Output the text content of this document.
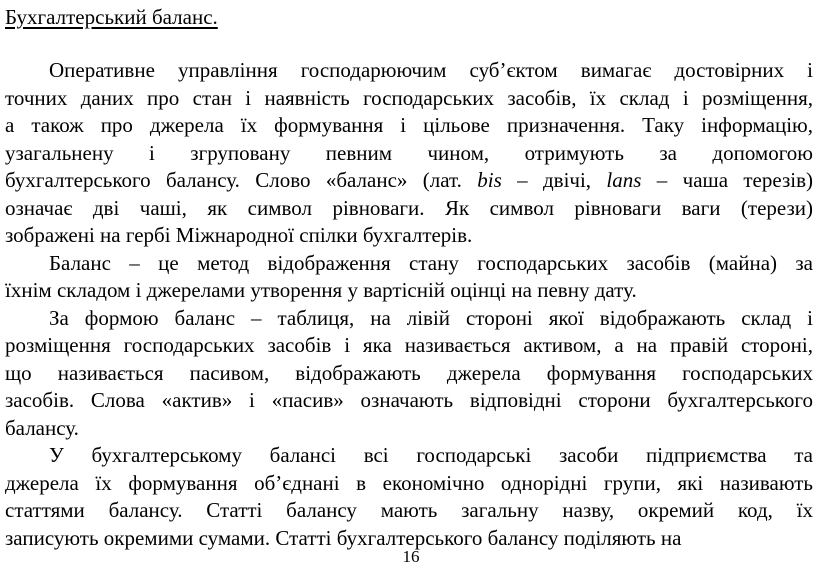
Бухгалтерський баланс.
Оперативне управління господарюючим суб’єктом вимагає достовірних і
точних даних про стан і наявність господарських засобів, їх склад і розміщення,
а також про джерела їх формування і цільове призначення. Таку інформацію,
узагальнену і згруповану певним чином, отримують за допомогою
бухгалтерського балансу. Слово «баланс» (лат. bis – двічі, lans – чаша терезів)
означає дві чаші, як символ рівноваги. Як символ рівноваги ваги (терези)
зображені на гербі Міжнародної спілки бухгалтерів.
Баланс – це метод відображення стану господарських засобів (майна) за
їхнім складом і джерелами утворення у вартісній оцінці на певну дату.
За формою баланс – таблиця, на лівій стороні якої відображають склад і
розміщення господарських засобів і яка називається активом, а на правій стороні,
що називається пасивом, відображають джерела формування господарських
засобів. Слова «актив» і «пасив» означають відповідні сторони бухгалтерського
балансу.
У бухгалтерському балансі всі господарські засоби підприємства та
джерела їх формування об’єднані в економічно однорідні групи, які називають
статтями балансу. Статті балансу мають загальну назву, окремий код, їх
записують окремими сумами. Статті бухгалтерського балансу поділяють на
16
